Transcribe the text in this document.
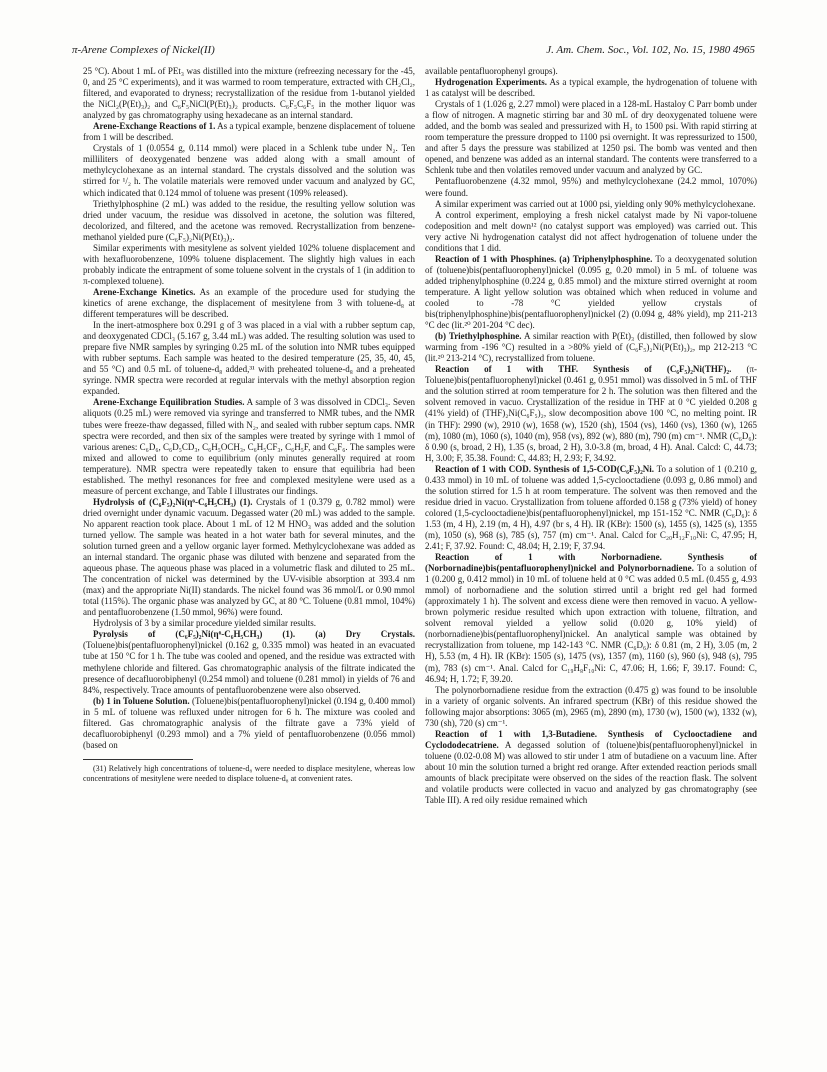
π-Arene Complexes of Nickel(II)	J. Am. Chem. Soc., Vol. 102, No. 15, 1980 4965

25 °C). About 1 mL of PEt₃ was distilled into the mixture (refreezing necessary for the -45, 0, and 25 °C experiments), and it was warmed to room temperature, extracted with CH₂Cl₂, filtered, and evaporated to dryness; recrystallization of the residue from 1-butanol yielded the NiCl₂(P(Et)₃)₂ and C₆F₅NiCl(P(Et)₃)₂ products. C₆F₅C₆F₅ in the mother liquor was analyzed by gas chromatography using hexadecane as an internal standard.

Arene-Exchange Reactions of 1. As a typical example, benzene displacement of toluene from 1 will be described.

Crystals of 1 (0.0554 g, 0.114 mmol) were placed in a Schlenk tube under N₂. Ten milliliters of deoxygenated benzene was added along with a small amount of methylcyclohexane as an internal standard. The crystals dissolved and the solution was stirred for ¹/₂ h. The volatile materials were removed under vacuum and analyzed by GC, which indicated that 0.124 mmol of toluene was present (109% released).

Triethylphosphine (2 mL) was added to the residue, the resulting yellow solution was dried under vacuum, the residue was dissolved in acetone, the solution was filtered, decolorized, and filtered, and the acetone was removed. Recrystallization from benzene-methanol yielded pure (C₆F₅)₂Ni(P(Et)₃)₂.

Similar experiments with mesitylene as solvent yielded 102% toluene displacement and with hexafluorobenzene, 109% toluene displacement. The slightly high values in each probably indicate the entrapment of some toluene solvent in the crystals of 1 (in addition to π-complexed toluene).

Arene-Exchange Kinetics. As an example of the procedure used for studying the kinetics of arene exchange, the displacement of mesitylene from 3 with toluene-d₈ at different temperatures will be described.

In the inert-atmosphere box 0.291 g of 3 was placed in a vial with a rubber septum cap, and deoxygenated CDCl₃ (5.167 g, 3.44 mL) was added. The resulting solution was used to prepare five NMR samples by syringing 0.25 mL of the solution into NMR tubes equipped with rubber septums. Each sample was heated to the desired temperature (25, 35, 40, 45, and 55 °C) and 0.5 mL of toluene-d₈ added,³¹ with preheated toluene-d₈ and a preheated syringe. NMR spectra were recorded at regular intervals with the methyl absorption region expanded.

Arene-Exchange Equilibration Studies. A sample of 3 was dissolved in CDCl₃. Seven aliquots (0.25 mL) were removed via syringe and transferred to NMR tubes, and the NMR tubes were freeze-thaw degassed, filled with N₂, and sealed with rubber septum caps. NMR spectra were recorded, and then six of the samples were treated by syringe with 1 mmol of various arenes: C₆D₆, C₆D₅CD₃, C₆H₅OCH₃, C₆H₅CF₃, C₆H₅F, and C₆F₆. The samples were mixed and allowed to come to equilibrium (only minutes generally required at room temperature). NMR spectra were repeatedly taken to ensure that equilibria had been established. The methyl resonances for free and complexed mesitylene were used as a measure of percent exchange, and Table I illustrates our findings.

Hydrolysis of (C₆F₅)₂Ni(η⁶-C₆H₅CH₃) (1). Crystals of 1 (0.379 g, 0.782 mmol) were dried overnight under dynamic vacuum. Degassed water (20 mL) was added to the sample. No apparent reaction took place. About 1 mL of 12 M HNO₃ was added and the solution turned yellow. The sample was heated in a hot water bath for several minutes, and the solution turned green and a yellow organic layer formed. Methylcyclohexane was added as an internal standard. The organic phase was diluted with benzene and separated from the aqueous phase. The aqueous phase was placed in a volumetric flask and diluted to 25 mL. The concentration of nickel was determined by the UV-visible absorption at 393.4 nm (max) and the appropriate Ni(II) standards. The nickel found was 36 mmol/L or 0.90 mmol total (115%). The organic phase was analyzed by GC, at 80 °C. Toluene (0.81 mmol, 104%) and pentafluorobenzene (1.50 mmol, 96%) were found.

Hydrolysis of 3 by a similar procedure yielded similar results.

Pyrolysis of (C₆F₅)₂Ni(η⁶-C₆H₅CH₃) (1). (a) Dry Crystals. (Toluene)bis(pentafluorophenyl)nickel (0.162 g, 0.335 mmol) was heated in an evacuated tube at 150 °C for 1 h. The tube was cooled and opened, and the residue was extracted with methylene chloride and filtered. Gas chromatographic analysis of the filtrate indicated the presence of decafluorobiphenyl (0.254 mmol) and toluene (0.281 mmol) in yields of 76 and 84%, respectively. Trace amounts of pentafluorobenzene were also observed.

(b) 1 in Toluene Solution. (Toluene)bis(pentafluorophenyl)nickel (0.194 g, 0.400 mmol) in 5 mL of toluene was refluxed under nitrogen for 6 h. The mixture was cooled and filtered. Gas chromatographic analysis of the filtrate gave a 73% yield of decafluorobiphenyl (0.293 mmol) and a 7% yield of pentafluorobenzene (0.056 mmol) (based on

(31) Relatively high concentrations of toluene-d₈ were needed to displace mesitylene, whereas low concentrations of mesitylene were needed to displace toluene-d₈ at convenient rates.

available pentafluorophenyl groups).

Hydrogenation Experiments. As a typical example, the hydrogenation of toluene with 1 as catalyst will be described.

Crystals of 1 (1.026 g, 2.27 mmol) were placed in a 128-mL Hastaloy C Parr bomb under a flow of nitrogen. A magnetic stirring bar and 30 mL of dry deoxygenated toluene were added, and the bomb was sealed and pressurized with H₂ to 1500 psi. With rapid stirring at room temperature the pressure dropped to 1100 psi overnight. It was repressurized to 1500, and after 5 days the pressure was stabilized at 1250 psi. The bomb was vented and then opened, and benzene was added as an internal standard. The contents were transferred to a Schlenk tube and then volatiles removed under vacuum and analyzed by GC.

Pentafluorobenzene (4.32 mmol, 95%) and methylcyclohexane (24.2 mmol, 1070%) were found.

A similar experiment was carried out at 1000 psi, yielding only 90% methylcyclohexane.

A control experiment, employing a fresh nickel catalyst made by Ni vapor-toluene codeposition and melt down¹² (no catalyst support was employed) was carried out. This very active Ni hydrogenation catalyst did not affect hydrogenation of toluene under the conditions that 1 did.

Reaction of 1 with Phosphines. (a) Triphenylphosphine. To a deoxygenated solution of (toluene)bis(pentafluorophenyl)nickel (0.095 g, 0.20 mmol) in 5 mL of toluene was added triphenylphosphine (0.224 g, 0.85 mmol) and the mixture stirred overnight at room temperature. A light yellow solution was obtained which when reduced in volume and cooled to -78 °C yielded yellow crystals of bis(triphenylphosphine)bis(pentafluorophenyl)nickel (2) (0.094 g, 48% yield), mp 211-213 °C dec (lit.²⁰ 201-204 °C dec).

(b) Triethylphosphine. A similar reaction with P(Et)₃ (distilled, then followed by slow warming from -196 °C) resulted in a >80% yield of (C₆F₅)₂Ni(P(Et)₃)₂, mp 212-213 °C (lit.²⁰ 213-214 °C), recrystallized from toluene.

Reaction of 1 with THF. Synthesis of (C₆F₅)₂Ni(THF)₂. (π-Toluene)bis(pentafluorophenyl)nickel (0.461 g, 0.951 mmol) was dissolved in 5 mL of THF and the solution stirred at room temperature for 2 h. The solution was then filtered and the solvent removed in vacuo. Crystallization of the residue in THF at 0 °C yielded 0.208 g (41% yield) of (THF)₂Ni(C₆F₅)₂, slow decomposition above 100 °C, no melting point. IR (in THF): 2990 (w), 2910 (w), 1658 (w), 1520 (sh), 1504 (vs), 1460 (vs), 1360 (w), 1265 (m), 1080 (m), 1060 (s), 1040 (m), 958 (vs), 892 (w), 880 (m), 790 (m) cm⁻¹. NMR (C₆D₆): δ 0.90 (s, broad, 2 H), 1.35 (s, broad, 2 H), 3.0-3.8 (m, broad, 4 H). Anal. Calcd: C, 44.73; H, 3.00; F, 35.38. Found: C, 44.83; H, 2.93; F, 34.92.

Reaction of 1 with COD. Synthesis of 1,5-COD(C₆F₅)₂Ni. To a solution of 1 (0.210 g, 0.433 mmol) in 10 mL of toluene was added 1,5-cyclooctadiene (0.093 g, 0.86 mmol) and the solution stirred for 1.5 h at room temperature. The solvent was then removed and the residue dried in vacuo. Crystallization from toluene afforded 0.158 g (73% yield) of honey colored (1,5-cyclooctadiene)bis(pentafluorophenyl)nickel, mp 151-152 °C. NMR (C₆D₆): δ 1.53 (m, 4 H), 2.19 (m, 4 H), 4.97 (br s, 4 H). IR (KBr): 1500 (s), 1455 (s), 1425 (s), 1355 (m), 1050 (s), 968 (s), 785 (s), 757 (m) cm⁻¹. Anal. Calcd for C₂₀H₁₂F₁₀Ni: C, 47.95; H, 2.41; F, 37.92. Found: C, 48.04; H, 2.19; F, 37.94.

Reaction of 1 with Norbornadiene. Synthesis of (Norbornadine)bis(pentafluorophenyl)nickel and Polynorbornadiene. To a solution of 1 (0.200 g, 0.412 mmol) in 10 mL of toluene held at 0 °C was added 0.5 mL (0.455 g, 4.93 mmol) of norbornadiene and the solution stirred until a bright red gel had formed (approximately 1 h). The solvent and excess diene were then removed in vacuo. A yellow-brown polymeric residue resulted which upon extraction with toluene, filtration, and solvent removal yielded a yellow solid (0.020 g, 10% yield) of (norbornadiene)bis(pentafluorophenyl)nickel. An analytical sample was obtained by recrystallization from toluene, mp 142-143 °C. NMR (C₆D₆): δ 0.81 (m, 2 H), 3.05 (m, 2 H), 5.53 (m, 4 H). IR (KBr): 1505 (s), 1475 (vs), 1357 (m), 1160 (s), 960 (s), 948 (s), 795 (m), 783 (s) cm⁻¹. Anal. Calcd for C₁₉H₈F₁₀Ni: C, 47.06; H, 1.66; F, 39.17. Found: C, 46.94; H, 1.72; F, 39.20.

The polynorbornadiene residue from the extraction (0.475 g) was found to be insoluble in a variety of organic solvents. An infrared spectrum (KBr) of this residue showed the following major absorptions: 3065 (m), 2965 (m), 2890 (m), 1730 (w), 1500 (w), 1332 (w), 730 (sh), 720 (s) cm⁻¹.

Reaction of 1 with 1,3-Butadiene. Synthesis of Cyclooctadiene and Cyclododecatriene. A degassed solution of (toluene)bis(pentafluorophenyl)nickel in toluene (0.02-0.08 M) was allowed to stir under 1 atm of butadiene on a vacuum line. After about 10 min the solution turned a bright red orange. After extended reaction periods small amounts of black precipitate were observed on the sides of the reaction flask. The solvent and volatile products were collected in vacuo and analyzed by gas chromatography (see Table III). A red oily residue remained which
